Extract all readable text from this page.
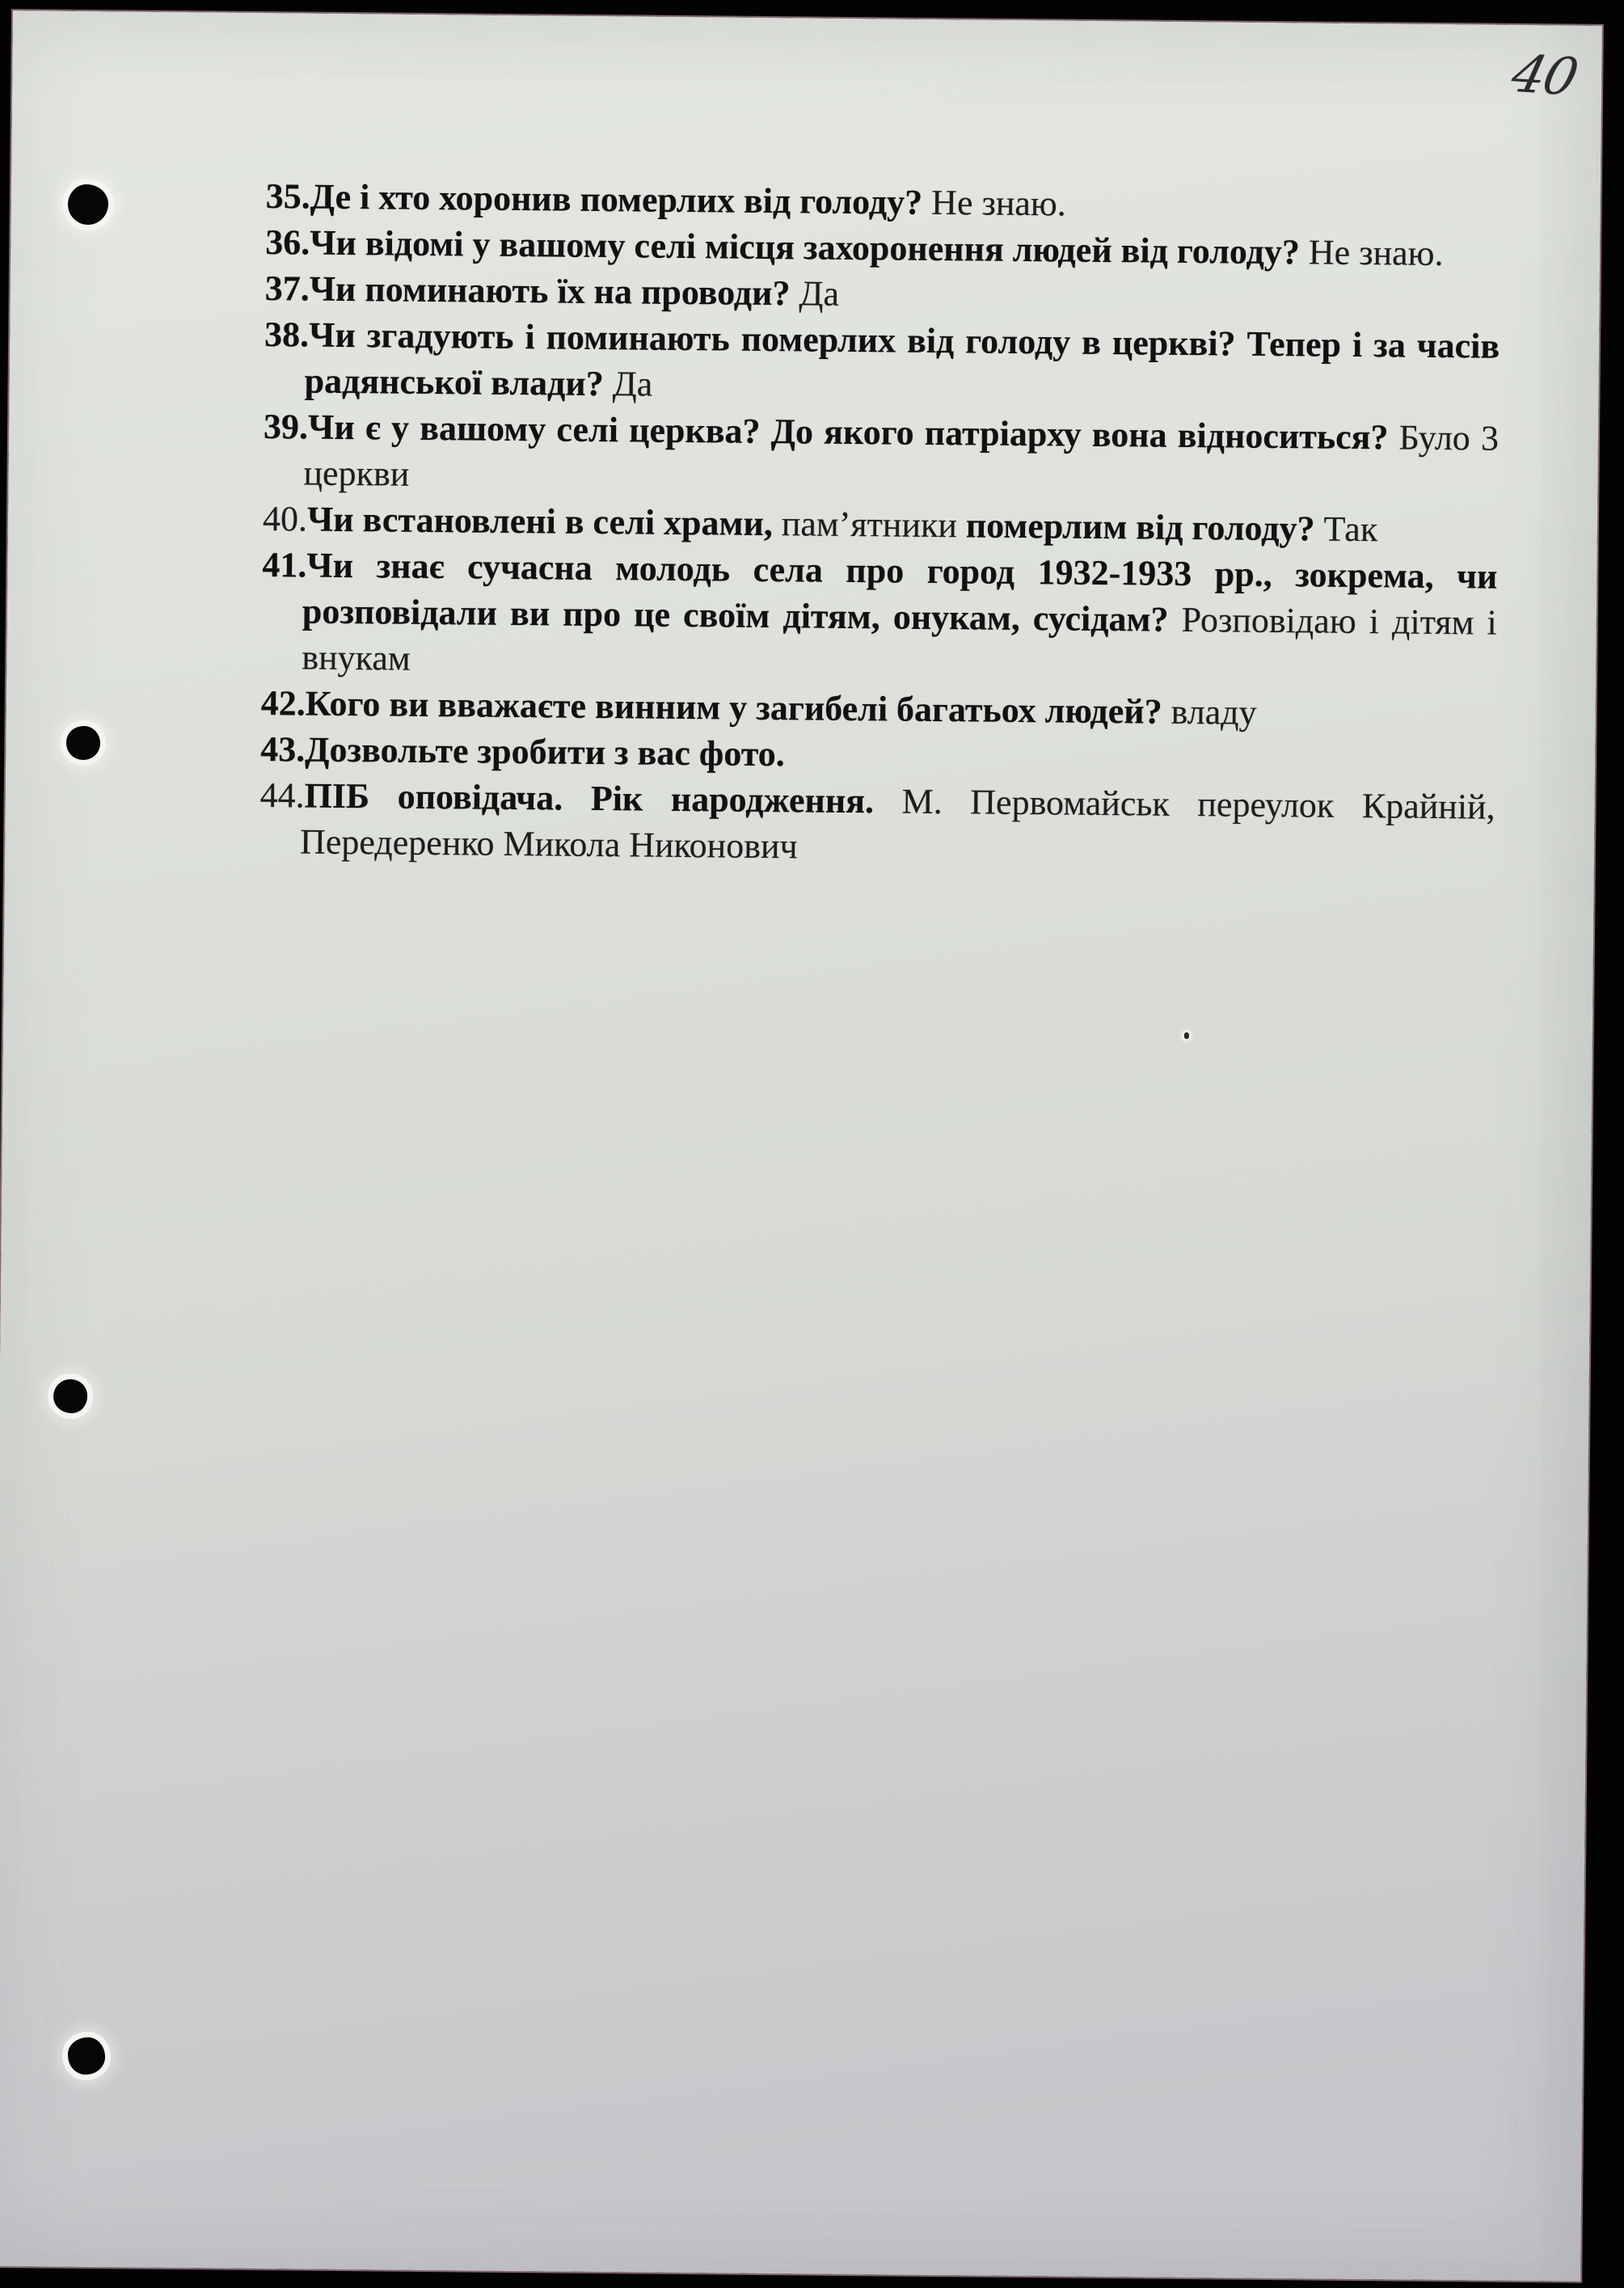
40
35.Де і хто хоронив померлих від голоду? Не знаю.
36.Чи відомі у вашому селі місця захоронення людей від голоду? Не знаю.
37.Чи поминають їх на проводи? Да
38.Чи згадують і поминають померлих від голоду в церкві? Тепер і за часів радянської влади? Да
39.Чи є у вашому селі церква? До якого патріарху вона відноситься? Було 3 церкви
40.Чи встановлені в селі храми, пам’ятники померлим від голоду? Так
41.Чи знає сучасна молодь села про город 1932-1933 рр., зокрема, чи розповідали ви про це своїм дітям, онукам, сусідам? Розповідаю і дітям і внукам
42.Кого ви вважаєте винним у загибелі багатьох людей? владу
43.Дозвольте зробити з вас фото.
44.ПІБ оповідача. Рік народження. М. Первомайськ переулок Крайній, Передеренко Микола Никонович
